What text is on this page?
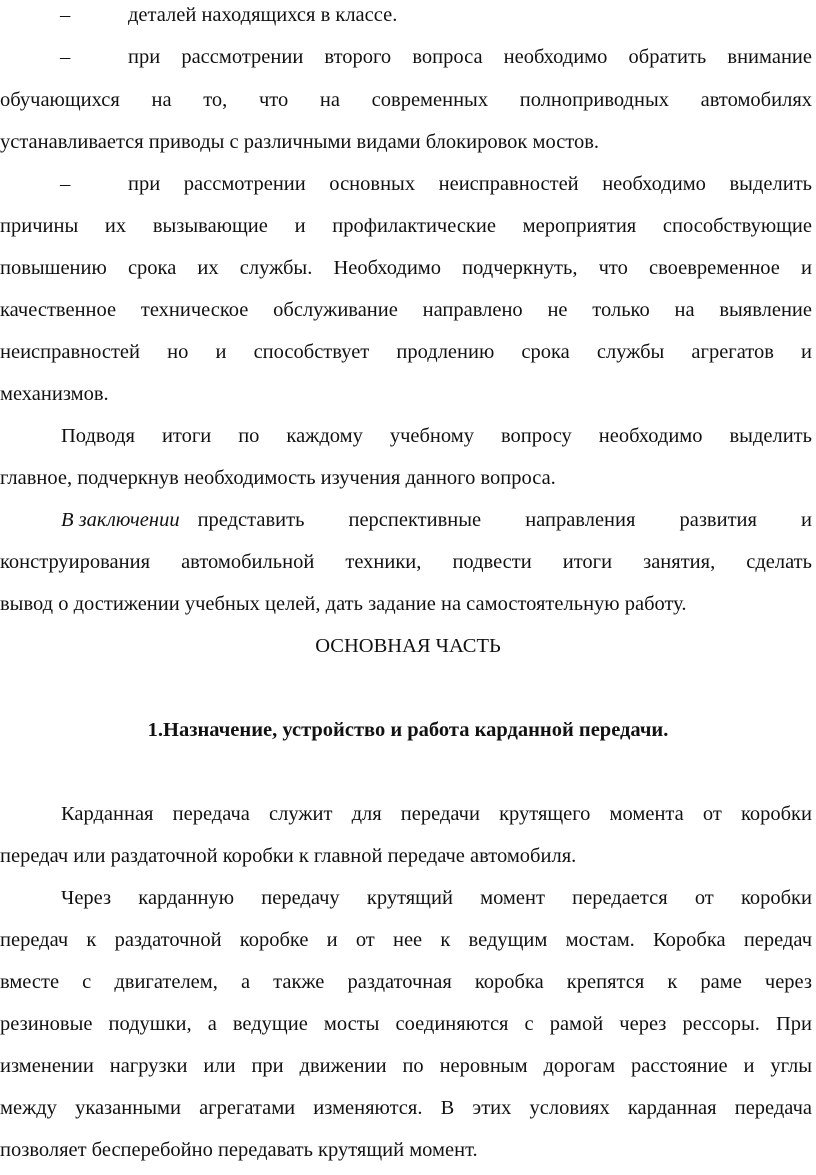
–	деталей находящихся в классе.
–	при рассмотрении второго вопроса необходимо обратить внимание
обучающихся на то, что на современных полноприводных автомобилях
устанавливается приводы с различными видами блокировок мостов.
–	при рассмотрении основных неисправностей необходимо выделить
причины их вызывающие и профилактические мероприятия способствующие
повышению срока их службы. Необходимо подчеркнуть, что своевременное и
качественное техническое обслуживание направлено не только на выявление
неисправностей но и способствует продлению срока службы агрегатов и
механизмов.
Подводя итоги по каждому учебному вопросу необходимо выделить
главное, подчеркнув необходимость изучения данного вопроса.
В заключении представить перспективные направления развития и
конструирования автомобильной техники, подвести итоги занятия, сделать
вывод о достижении учебных целей, дать задание на самостоятельную работу.
ОСНОВНАЯ ЧАСТЬ
1.Назначение, устройство и работа карданной передачи.
Карданная передача служит для передачи крутящего момента от коробки
передач или раздаточной коробки к главной передаче автомобиля.
Через карданную передачу крутящий момент передается от коробки
передач к раздаточной коробке и от нее к ведущим мостам. Коробка передач
вместе с двигателем, а также раздаточная коробка крепятся к раме через
резиновые подушки, а ведущие мосты соединяются с рамой через рессоры. При
изменении нагрузки или при движении по неровным дорогам расстояние и углы
между указанными агрегатами изменяются. В этих условиях карданная передача
позволяет бесперебойно передавать крутящий момент.
